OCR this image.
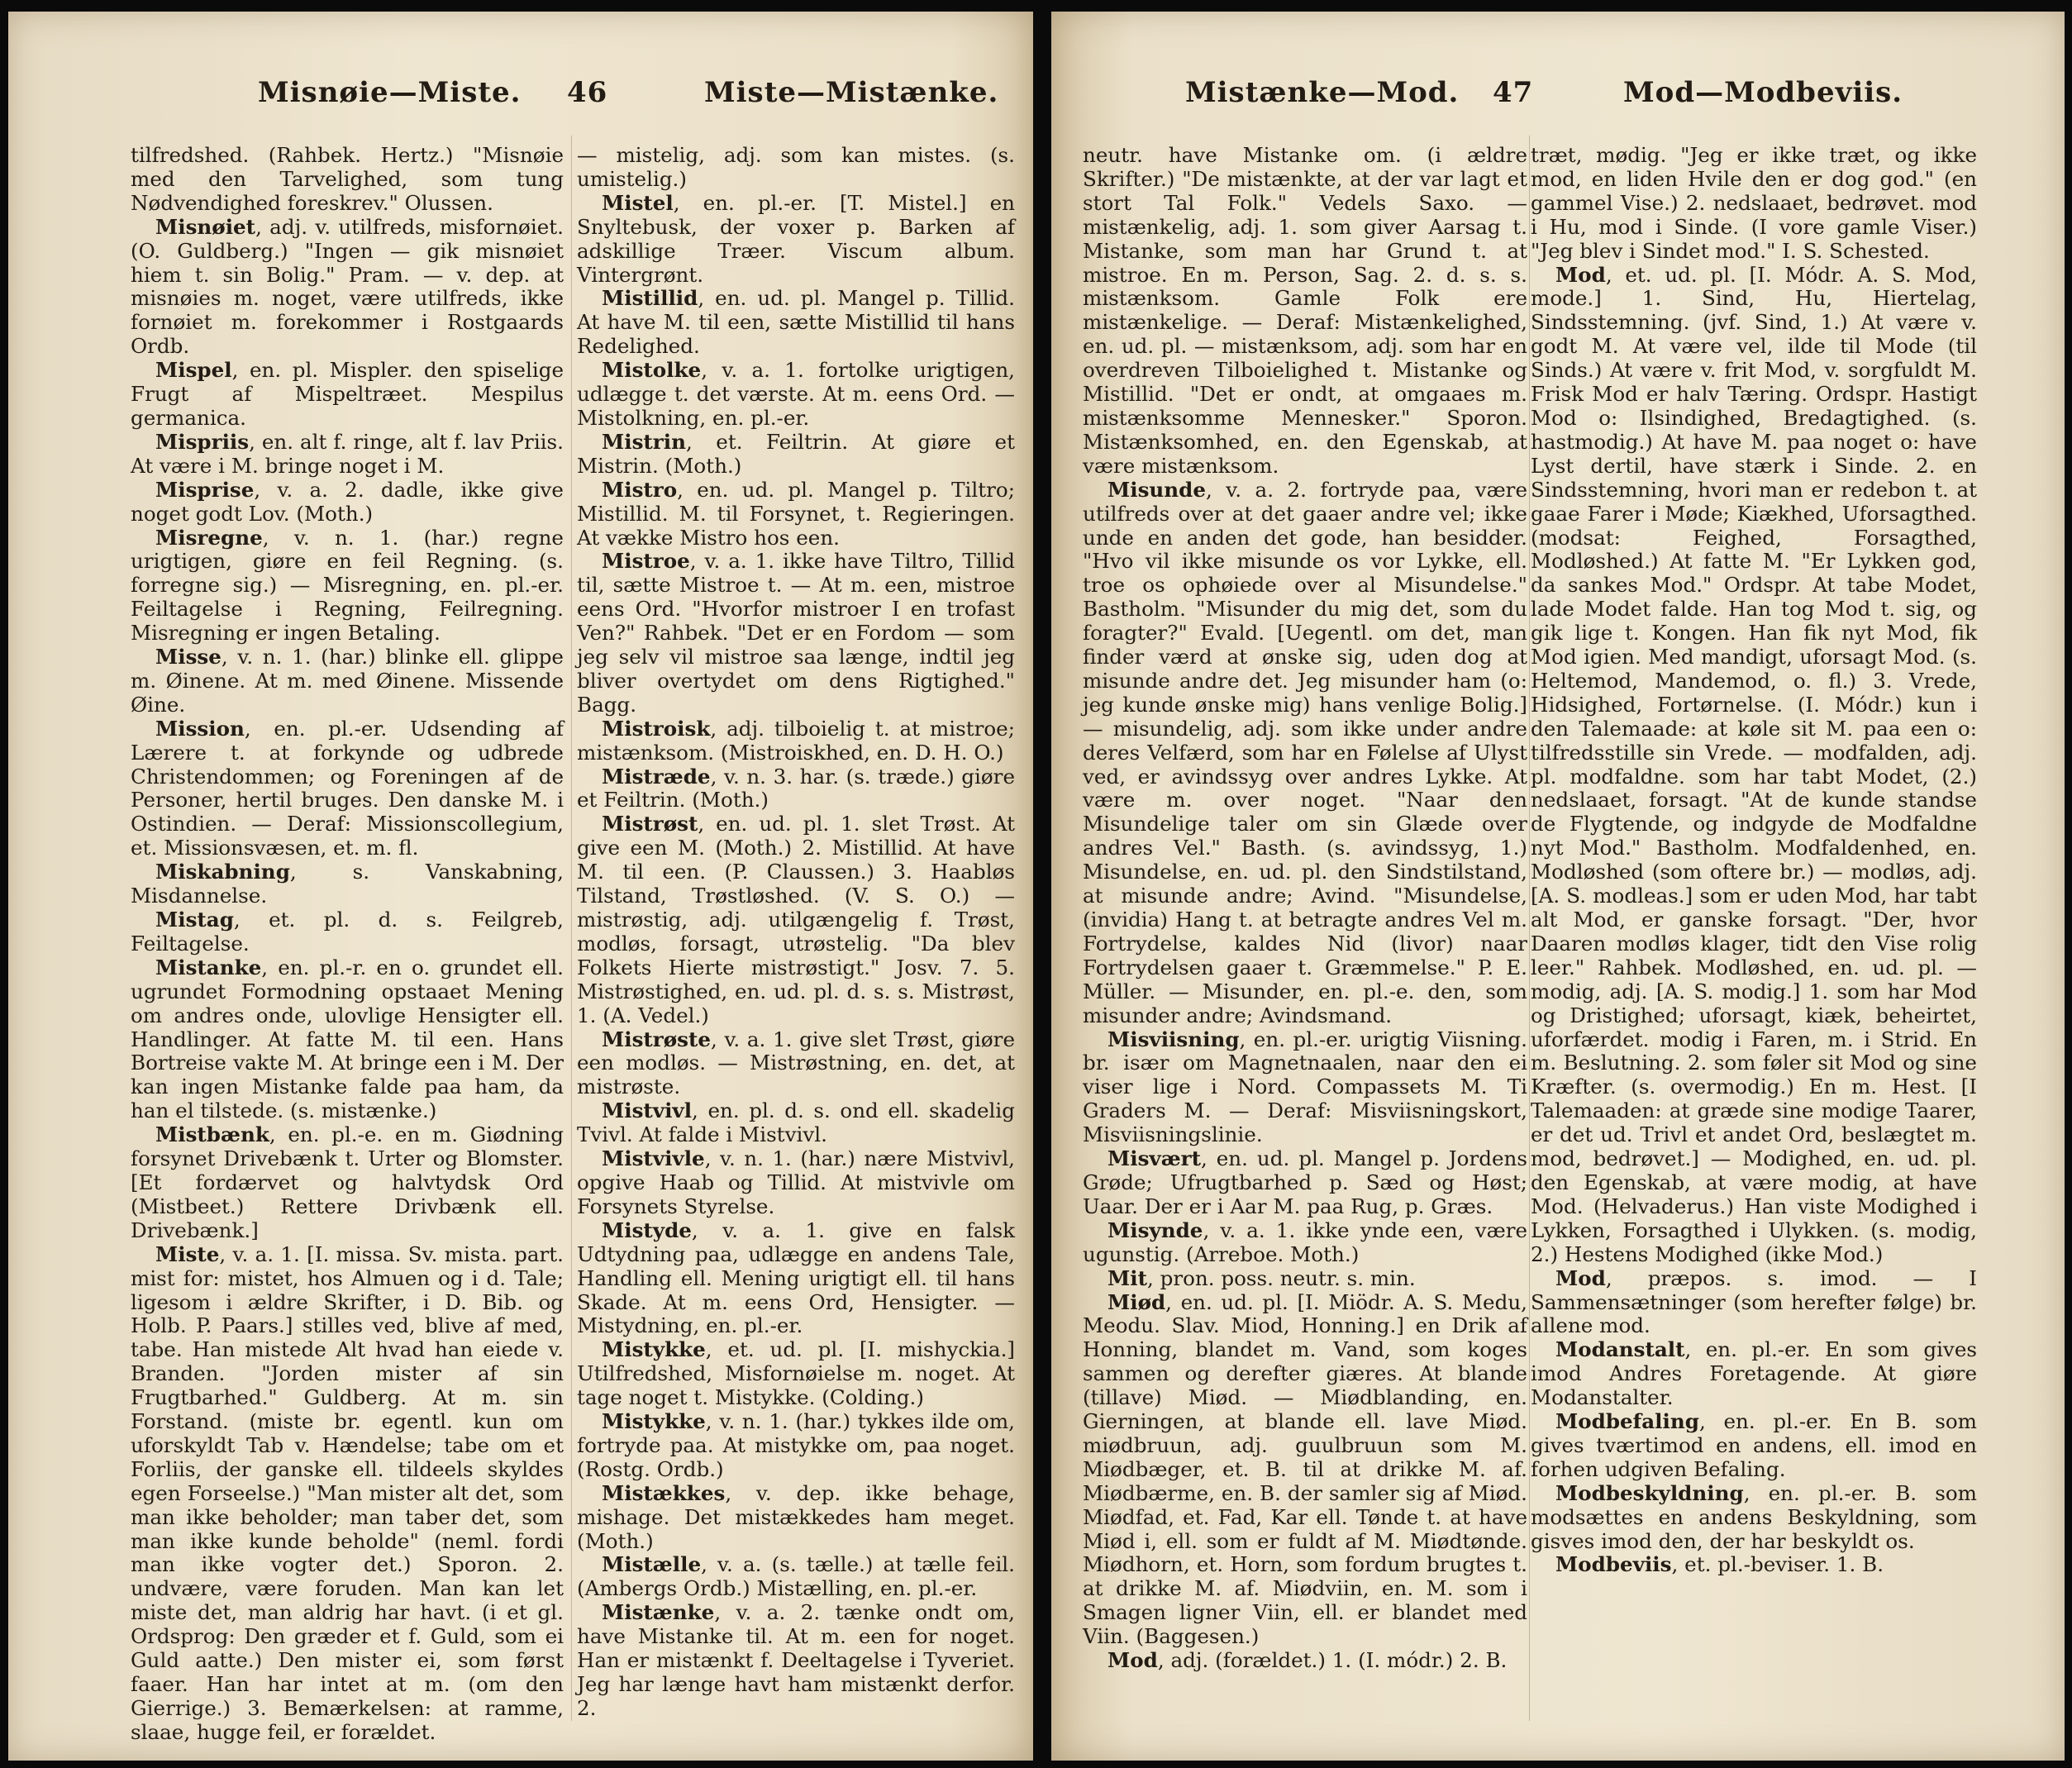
Misnøie—Miste. 46	Miste—Mistænke.

tilfredshed. (Rahbek. Hertz.) "Misnøie med den Tarvelighed, som tung Nødvendighed foreskrev." Olussen.

Misnøiet, adj. v. utilfreds, misfornøiet. (O. Guldberg.) "Ingen — gik misnøiet hiem t. sin Bolig." Pram. — v. dep. at misnøies m. noget, være utilfreds, ikke fornøiet m. forekommer i Rostgaards Ordb.

Mispel, en. pl. Mispler. den spiselige Frugt af Mispeltræet. Mespilus germanica.

Mispriis, en. alt f. ringe, alt f. lav Priis. At være i M. bringe noget i M.

Misprise, v. a. 2. dadle, ikke give noget godt Lov. (Moth.)

Misregne, v. n. 1. (har.) regne urigtigen, giøre en feil Regning. (s. forregne sig.) — Misregning, en. pl.-er. Feiltagelse i Regning, Feilregning. Misregning er ingen Betaling.

Misse, v. n. 1. (har.) blinke ell. glippe m. Øinene. At m. med Øinene. Missende Øine.

Mission, en. pl.-er. Udsending af Lærere t. at forkynde og udbrede Christendommen; og Foreningen af de Personer, hertil bruges. Den danske M. i Ostindien. — Deraf: Missionscollegium, et. Missionsvæsen, et. m. fl.

Miskabning, s. Vanskabning, Misdannelse.

Mistag, et. pl. d. s. Feilgreb, Feiltagelse.

Mistanke, en. pl.-r. en o. grundet ell. ugrundet Formodning opstaaet Mening om andres onde, ulovlige Hensigter ell. Handlinger. At fatte M. til een. Hans Bortreise vakte M. At bringe een i M. Der kan ingen Mistanke falde paa ham, da han el tilstede. (s. mistænke.)

Mistbænk, en. pl.-e. en m. Giødning forsynet Drivebænk t. Urter og Blomster. [Et fordærvet og halvtydsk Ord (Mistbeet.) Rettere Drivbænk ell. Drivebænk.]

Miste, v. a. 1. [I. missa. Sv. mista. part. mist for: mistet, hos Almuen og i d. Tale; ligesom i ældre Skrifter, i D. Bib. og Holb. P. Paars.] stilles ved, blive af med, tabe. Han mistede Alt hvad han eiede v. Branden. "Jorden mister af sin Frugtbarhed." Guldberg. At m. sin Forstand. (miste br. egentl. kun om uforskyldt Tab v. Hændelse; tabe om et Forliis, der ganske ell. tildeels skyldes egen Forseelse.) "Man mister alt det, som man ikke beholder; man taber det, som man ikke kunde beholde" (neml. fordi man ikke vogter det.) Sporon. 2. undvære, være foruden. Man kan let miste det, man aldrig har havt. (i et gl. Ordsprog: Den græder et f. Guld, som ei Guld aatte.) Den mister ei, som først faaer. Han har intet at m. (om den Gierrige.) 3. Bemærkelsen: at ramme, slaae, hugge feil, er forældet.

— mistelig, adj. som kan mistes. (s. umistelig.)

Mistel, en. pl.-er. [T. Mistel.] en Snyltebusk, der voxer p. Barken af adskillige Træer. Viscum album. Vintergrønt.

Mistillid, en. ud. pl. Mangel p. Tillid. At have M. til een, sætte Mistillid til hans Redelighed.

Mistolke, v. a. 1. fortolke urigtigen, udlægge t. det værste. At m. eens Ord. — Mistolkning, en. pl.-er.

Mistrin, et. Feiltrin. At giøre et Mistrin. (Moth.)

Mistro, en. ud. pl. Mangel p. Tiltro; Mistillid. M. til Forsynet, t. Regieringen. At vække Mistro hos een.

Mistroe, v. a. 1. ikke have Tiltro, Tillid til, sætte Mistroe t. — At m. een, mistroe eens Ord. "Hvorfor mistroer I en trofast Ven?" Rahbek. "Det er en Fordom — som jeg selv vil mistroe saa længe, indtil jeg bliver overtydet om dens Rigtighed." Bagg.

Mistroisk, adj. tilboielig t. at mistroe; mistænksom. (Mistroiskhed, en. D. H. O.)

Mistræde, v. n. 3. har. (s. træde.) giøre et Feiltrin. (Moth.)

Mistrøst, en. ud. pl. 1. slet Trøst. At give een M. (Moth.) 2. Mistillid. At have M. til een. (P. Claussen.) 3. Haabløs Tilstand, Trøstløshed. (V. S. O.) — mistrøstig, adj. utilgængelig f. Trøst, modløs, forsagt, utrøstelig. "Da blev Folkets Hierte mistrøstigt." Josv. 7. 5. Mistrøstighed, en. ud. pl. d. s. s. Mistrøst, 1. (A. Vedel.)

Mistrøste, v. a. 1. give slet Trøst, giøre een modløs. — Mistrøstning, en. det, at mistrøste.

Mistvivl, en. pl. d. s. ond ell. skadelig Tvivl. At falde i Mistvivl.

Mistvivle, v. n. 1. (har.) nære Mistvivl, opgive Haab og Tillid. At mistvivle om Forsynets Styrelse.

Mistyde, v. a. 1. give en falsk Udtydning paa, udlægge en andens Tale, Handling ell. Mening urigtigt ell. til hans Skade. At m. eens Ord, Hensigter. — Mistydning, en. pl.-er.

Mistykke, et. ud. pl. [I. mishyckia.] Utilfredshed, Misfornøielse m. noget. At tage noget t. Mistykke. (Colding.)

Mistykke, v. n. 1. (har.) tykkes ilde om, fortryde paa. At mistykke om, paa noget. (Rostg. Ordb.)

Mistækkes, v. dep. ikke behage, mishage. Det mistækkedes ham meget. (Moth.)

Mistælle, v. a. (s. tælle.) at tælle feil. (Ambergs Ordb.) Mistælling, en. pl.-er.

Mistænke, v. a. 2. tænke ondt om, have Mistanke til. At m. een for noget. Han er mistænkt f. Deeltagelse i Tyveriet. Jeg har længe havt ham mistænkt derfor. 2.

Mistænke—Mod. 47	Mod—Modbeviis.

neutr. have Mistanke om. (i ældre Skrifter.) "De mistænkte, at der var lagt et stort Tal Folk." Vedels Saxo. — mistænkelig, adj. 1. som giver Aarsag t. Mistanke, som man har Grund t. at mistroe. En m. Person, Sag. 2. d. s. s. mistænksom. Gamle Folk ere mistænkelige. — Deraf: Mistænkelighed, en. ud. pl. — mistænksom, adj. som har en overdreven Tilboielighed t. Mistanke og Mistillid. "Det er ondt, at omgaaes m. mistænksomme Mennesker." Sporon. Mistænksomhed, en. den Egenskab, at være mistænksom.

Misunde, v. a. 2. fortryde paa, være utilfreds over at det gaaer andre vel; ikke unde en anden det gode, han besidder. "Hvo vil ikke misunde os vor Lykke, ell. troe os ophøiede over al Misundelse." Bastholm. "Misunder du mig det, som du foragter?" Evald. [Uegentl. om det, man finder værd at ønske sig, uden dog at misunde andre det. Jeg misunder ham (o: jeg kunde ønske mig) hans venlige Bolig.] — misundelig, adj. som ikke under andre deres Velfærd, som har en Følelse af Ulyst ved, er avindssyg over andres Lykke. At være m. over noget. "Naar den Misundelige taler om sin Glæde over andres Vel." Basth. (s. avindssyg, 1.) Misundelse, en. ud. pl. den Sindstilstand, at misunde andre; Avind. "Misundelse, (invidia) Hang t. at betragte andres Vel m. Fortrydelse, kaldes Nid (livor) naar Fortrydelsen gaaer t. Græmmelse." P. E. Müller. — Misunder, en. pl.-e. den, som misunder andre; Avindsmand.

Misviisning, en. pl.-er. urigtig Viisning. br. især om Magnetnaalen, naar den ei viser lige i Nord. Compassets M. Ti Graders M. — Deraf: Misviisningskort, Misviisningslinie.

Misvært, en. ud. pl. Mangel p. Jordens Grøde; Ufrugtbarhed p. Sæd og Høst; Uaar. Der er i Aar M. paa Rug, p. Græs.

Misynde, v. a. 1. ikke ynde een, være ugunstig. (Arreboe. Moth.)

Mit, pron. poss. neutr. s. min.

Miød, en. ud. pl. [I. Miödr. A. S. Medu, Meodu. Slav. Miod, Honning.] en Drik af Honning, blandet m. Vand, som koges sammen og derefter giæres. At blande (tillave) Miød. — Miødblanding, en. Gierningen, at blande ell. lave Miød. miødbruun, adj. guulbruun som M. Miødbæger, et. B. til at drikke M. af. Miødbærme, en. B. der samler sig af Miød. Miødfad, et. Fad, Kar ell. Tønde t. at have Miød i, ell. som er fuldt af M. Miødtønde. Miødhorn, et. Horn, som fordum brugtes t. at drikke M. af. Miødviin, en. M. som i Smagen ligner Viin, ell. er blandet med Viin. (Baggesen.)

Mod, adj. (forældet.) 1. (I. módr.) 2. B.

træt, mødig. "Jeg er ikke træt, og ikke mod, en liden Hvile den er dog god." (en gammel Vise.) 2. nedslaaet, bedrøvet. mod i Hu, mod i Sinde. (I vore gamle Viser.) "Jeg blev i Sindet mod." I. S. Schested.

Mod, et. ud. pl. [I. Módr. A. S. Mod, mode.] 1. Sind, Hu, Hiertelag, Sindsstemning. (jvf. Sind, 1.) At være v. godt M. At være vel, ilde til Mode (til Sinds.) At være v. frit Mod, v. sorgfuldt M. Frisk Mod er halv Tæring. Ordspr. Hastigt Mod o: Ilsindighed, Bredagtighed. (s. hastmodig.) At have M. paa noget o: have Lyst dertil, have stærk i Sinde. 2. en Sindsstemning, hvori man er redebon t. at gaae Farer i Møde; Kiækhed, Uforsagthed. (modsat: Feighed, Forsagthed, Modløshed.) At fatte M. "Er Lykken god, da sankes Mod." Ordspr. At tabe Modet, lade Modet falde. Han tog Mod t. sig, og gik lige t. Kongen. Han fik nyt Mod, fik Mod igien. Med mandigt, uforsagt Mod. (s. Heltemod, Mandemod, o. fl.) 3. Vrede, Hidsighed, Fortørnelse. (I. Módr.) kun i den Talemaade: at køle sit M. paa een o: tilfredsstille sin Vrede. — modfalden, adj. pl. modfaldne. som har tabt Modet, (2.) nedslaaet, forsagt. "At de kunde standse de Flygtende, og indgyde de Modfaldne nyt Mod." Bastholm. Modfaldenhed, en. Modløshed (som oftere br.) — modløs, adj. [A. S. modleas.] som er uden Mod, har tabt alt Mod, er ganske forsagt. "Der, hvor Daaren modløs klager, tidt den Vise rolig leer." Rahbek. Modløshed, en. ud. pl. — modig, adj. [A. S. modig.] 1. som har Mod og Dristighed; uforsagt, kiæk, beheirtet, uforfærdet. modig i Faren, m. i Strid. En m. Beslutning. 2. som føler sit Mod og sine Kræfter. (s. overmodig.) En m. Hest. [I Talemaaden: at græde sine modige Taarer, er det ud. Trivl et andet Ord, beslægtet m. mod, bedrøvet.] — Modighed, en. ud. pl. den Egenskab, at være modig, at have Mod. (Helvaderus.) Han viste Modighed i Lykken, Forsagthed i Ulykken. (s. modig, 2.) Hestens Modighed (ikke Mod.)

Mod, præpos. s. imod. — I Sammensætninger (som herefter følge) br. allene mod.

Modanstalt, en. pl.-er. En som gives imod Andres Foretagende. At giøre Modanstalter.

Modbefaling, en. pl.-er. En B. som gives tværtimod en andens, ell. imod en forhen udgiven Befaling.

Modbeskyldning, en. pl.-er. B. som modsættes en andens Beskyldning, som gisves imod den, der har beskyldt os.

Modbeviis, et. pl.-beviser. 1. B.
